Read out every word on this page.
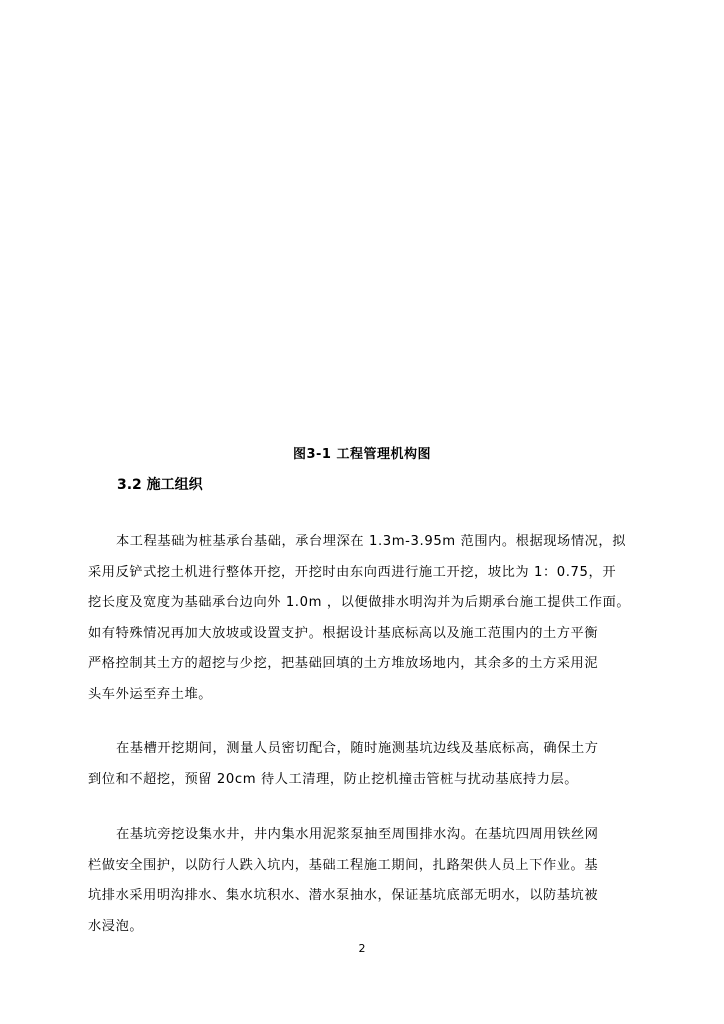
图3-1 工程管理机构图
3.2 施工组织

本工程基础为桩基承台基础，承台埋深在 1.3m-3.95m 范围内。根据现场情况，拟
采用反铲式挖土机进行整体开挖，开挖时由东向西进行施工开挖，坡比为 1：0.75，开
挖长度及宽度为基础承台边向外 1.0m ，以便做排水明沟并为后期承台施工提供工作面。
如有特殊情况再加大放坡或设置支护。根据设计基底标高以及施工范围内的土方平衡
严格控制其土方的超挖与少挖，把基础回填的土方堆放场地内，其余多的土方采用泥
头车外运至弃土堆。

在基槽开挖期间，测量人员密切配合，随时施测基坑边线及基底标高，确保土方
到位和不超挖，预留 20cm 待人工清理，防止挖机撞击管桩与扰动基底持力层。

在基坑旁挖设集水井，井内集水用泥浆泵抽至周围排水沟。在基坑四周用铁丝网
栏做安全围护，以防行人跌入坑内，基础工程施工期间，扎路架供人员上下作业。基
坑排水采用明沟排水、集水坑积水、潜水泵抽水，保证基坑底部无明水，以防基坑被
水浸泡。

2
